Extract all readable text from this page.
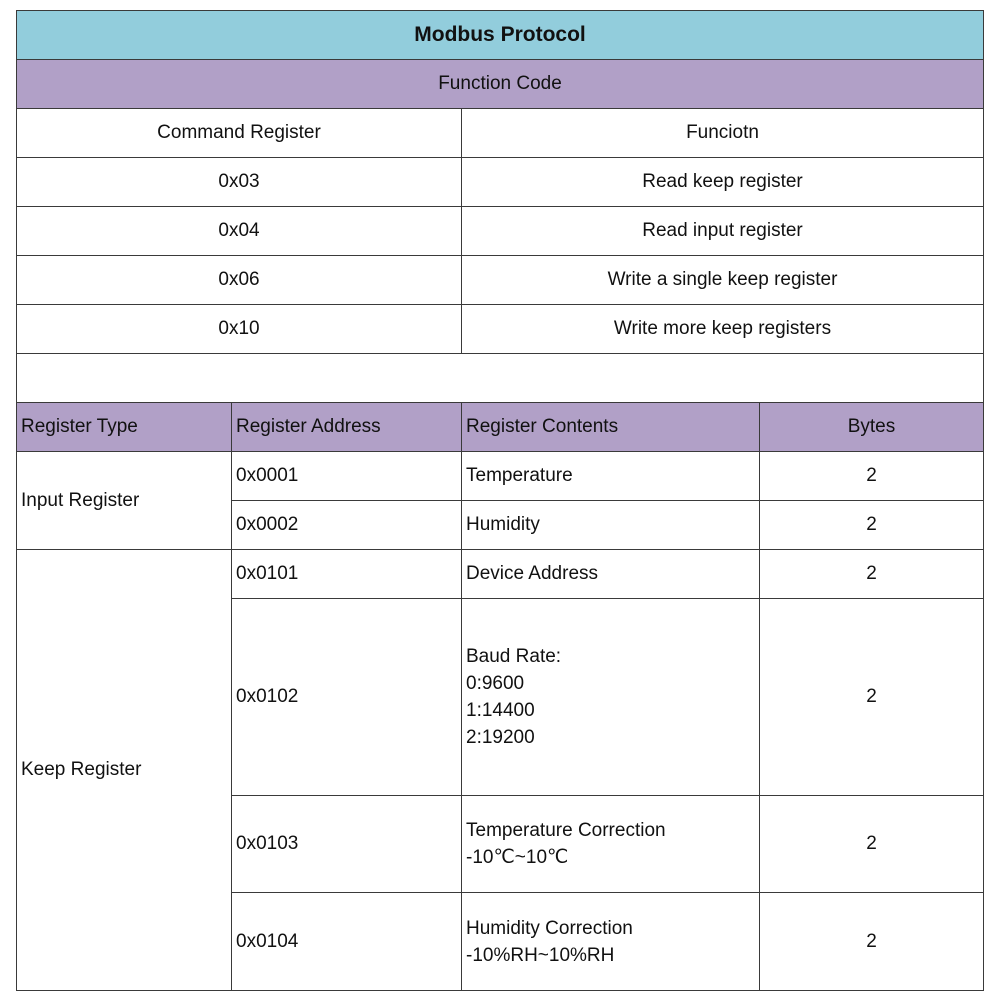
Modbus Protocol			
Function Code			
Command Register		Funciotn	
0x03		Read keep register	
0x04		Read input register	
0x06		Write a single keep register	
0x10		Write more keep registers	

Register Type	Register Address	Register Contents	Bytes
Input Register	0x0001	Temperature	2
	0x0002	Humidity	2
Keep Register	0x0101	Device Address	2
	0x0102	Baud Rate:
0:9600
1:14400
2:19200	2
	0x0103	Temperature Correction
-10℃~10℃	2
	0x0104	Humidity Correction
-10%RH~10%RH	2
